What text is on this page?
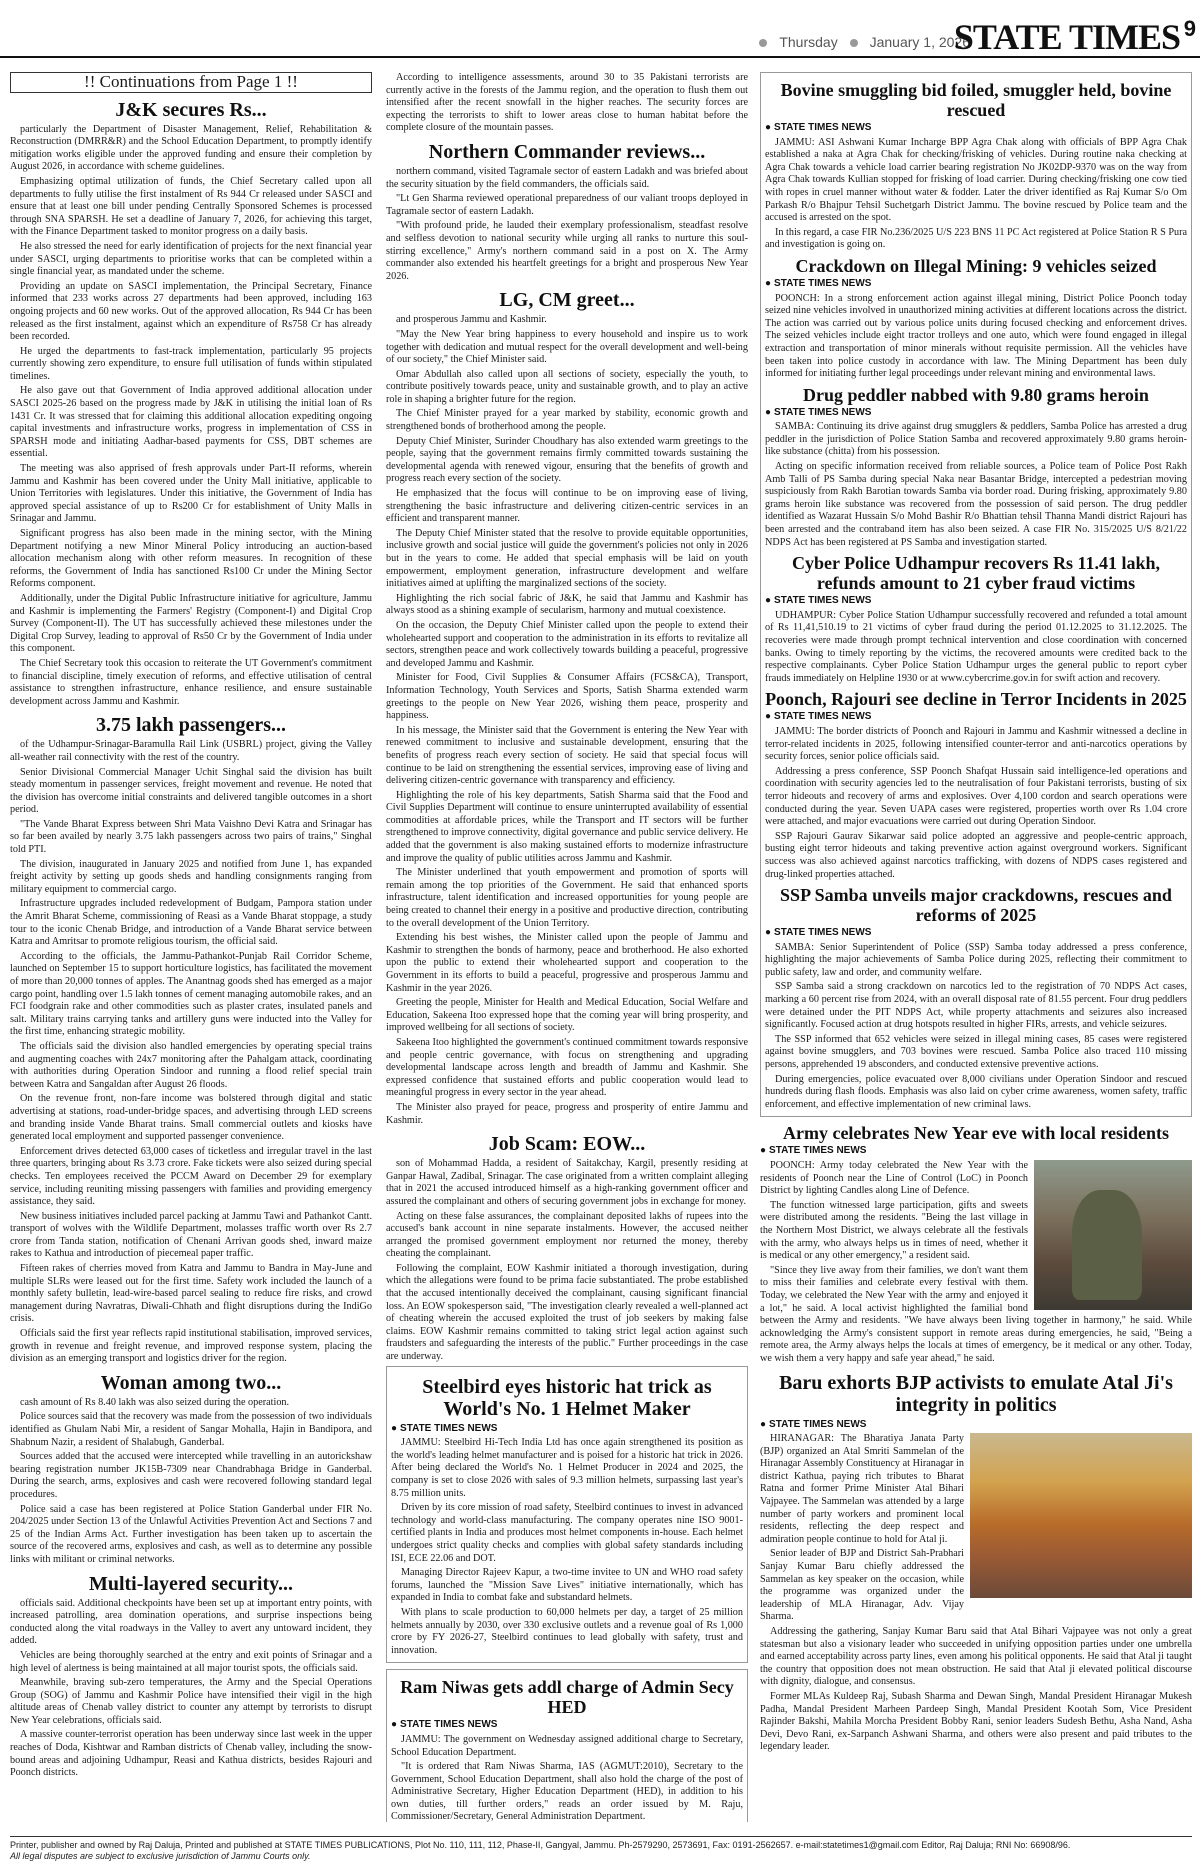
Thursday January 1, 2026
STATE TIMES 9
!! Continuations from Page 1 !!
J&K secures Rs...

particularly the Department of Disaster Management, Relief, Rehabilitation & Reconstruction (DMRR&R) and the School Education Department, to promptly identify mitigation works eligible under the approved funding and ensure their completion by August 2026, in accordance with scheme guidelines.

Emphasizing optimal utilization of funds, the Chief Secretary called upon all departments to fully utilise the first instalment of Rs 944 Cr released under SASCI and ensure that at least one bill under pending Centrally Sponsored Schemes is processed through SNA SPARSH. He set a deadline of January 7, 2026, for achieving this target, with the Finance Department tasked to monitor progress on a daily basis.

He also stressed the need for early identification of projects for the next financial year under SASCI, urging departments to prioritise works that can be completed within a single financial year, as mandated under the scheme.

Providing an update on SASCI implementation, the Principal Secretary, Finance informed that 233 works across 27 departments had been approved, including 163 ongoing projects and 60 new works. Out of the approved allocation, Rs 944 Cr has been released as the first instalment, against which an expenditure of Rs758 Cr has already been recorded.

He urged the departments to fast-track implementation, particularly 95 projects currently showing zero expenditure, to ensure full utilisation of funds within stipulated timelines.

He also gave out that Government of India approved additional allocation under SASCI 2025-26 based on the progress made by J&K in utilising the initial loan of Rs 1431 Cr. It was stressed that for claiming this additional allocation expediting ongoing capital investments and infrastructure works, progress in implementation of CSS in SPARSH mode and initiating Aadhar-based payments for CSS, DBT schemes are essential.

The meeting was also apprised of fresh approvals under Part-II reforms, wherein Jammu and Kashmir has been covered under the Unity Mall initiative, applicable to Union Territories with legislatures. Under this initiative, the Government of India has approved special assistance of up to Rs200 Cr for establishment of Unity Malls in Srinagar and Jammu.

Significant progress has also been made in the mining sector, with the Mining Department notifying a new Minor Mineral Policy introducing an auction-based allocation mechanism along with other reform measures. In recognition of these reforms, the Government of India has sanctioned Rs100 Cr under the Mining Sector Reforms component.

Additionally, under the Digital Public Infrastructure initiative for agriculture, Jammu and Kashmir is implementing the Farmers' Registry (Component-I) and Digital Crop Survey (Component-II). The UT has successfully achieved these milestones under the Digital Crop Survey, leading to approval of Rs50 Cr by the Government of India under this component.

The Chief Secretary took this occasion to reiterate the UT Government's commitment to financial discipline, timely execution of reforms, and effective utilisation of central assistance to strengthen infrastructure, enhance resilience, and ensure sustainable development across Jammu and Kashmir.

3.75 lakh passengers...

of the Udhampur-Srinagar-Baramulla Rail Link (USBRL) project, giving the Valley all-weather rail connectivity with the rest of the country.

Senior Divisional Commercial Manager Uchit Singhal said the division has built steady momentum in passenger services, freight movement and revenue. He noted that the division has overcome initial constraints and delivered tangible outcomes in a short period.

"The Vande Bharat Express between Shri Mata Vaishno Devi Katra and Srinagar has so far been availed by nearly 3.75 lakh passengers across two pairs of trains," Singhal told PTI.

The division, inaugurated in January 2025 and notified from June 1, has expanded freight activity by setting up goods sheds and handling consignments ranging from military equipment to commercial cargo.

Infrastructure upgrades included redevelopment of Budgam, Pampora station under the Amrit Bharat Scheme, commissioning of Reasi as a Vande Bharat stoppage, a study tour to the iconic Chenab Bridge, and introduction of a Vande Bharat service between Katra and Amritsar to promote religious tourism, the official said.

According to the officials, the Jammu-Pathankot-Punjab Rail Corridor Scheme, launched on September 15 to support horticulture logistics, has facilitated the movement of more than 20,000 tonnes of apples. The Anantnag goods shed has emerged as a major cargo point, handling over 1.5 lakh tonnes of cement managing automobile rakes, and an FCI foodgrain rake and other commodities such as plaster crates, insulated panels and salt. Military trains carrying tanks and artillery guns were inducted into the Valley for the first time, enhancing strategic mobility.

The officials said the division also handled emergencies by operating special trains and augmenting coaches with 24x7 monitoring after the Pahalgam attack, coordinating with authorities during Operation Sindoor and running a flood relief special train between Katra and Sangaldan after August 26 floods.

On the revenue front, non-fare income was bolstered through digital and static advertising at stations, road-under-bridge spaces, and advertising through LED screens and branding inside Vande Bharat trains. Small commercial outlets and kiosks have generated local employment and supported passenger convenience.

Enforcement drives detected 63,000 cases of ticketless and irregular travel in the last three quarters, bringing about Rs 3.73 crore. Fake tickets were also seized during special checks. Ten employees received the PCCM Award on December 29 for exemplary service, including reuniting missing passengers with families and providing emergency assistance, they said.

New business initiatives included parcel packing at Jammu Tawi and Pathankot Cantt. transport of wolves with the Wildlife Department, molasses traffic worth over Rs 2.7 crore from Tanda station, notification of Chenani Arrivan goods shed, inward maize rakes to Kathua and introduction of piecemeal paper traffic.

Fifteen rakes of cherries moved from Katra and Jammu to Bandra in May-June and multiple SLRs were leased out for the first time. Safety work included the launch of a monthly safety bulletin, lead-wire-based parcel sealing to reduce fire risks, and crowd management during Navratras, Diwali-Chhath and flight disruptions during the IndiGo crisis.

Officials said the first year reflects rapid institutional stabilisation, improved services, growth in revenue and freight revenue, and improved response system, placing the division as an emerging transport and logistics driver for the region.

Woman among two...

cash amount of Rs 8.40 lakh was also seized during the operation.

Police sources said that the recovery was made from the possession of two individuals identified as Ghulam Nabi Mir, a resident of Sangar Mohalla, Hajin in Bandipora, and Shabnum Nazir, a resident of Shalabugh, Ganderbal.

Sources added that the accused were intercepted while travelling in an autorickshaw bearing registration number JK15B-7309 near Chandrabhaga Bridge in Ganderbal. During the search, arms, explosives and cash were recovered following standard legal procedures.

Police said a case has been registered at Police Station Ganderbal under FIR No. 204/2025 under Section 13 of the Unlawful Activities Prevention Act and Sections 7 and 25 of the Indian Arms Act. Further investigation has been taken up to ascertain the source of the recovered arms, explosives and cash, as well as to determine any possible links with militant or criminal networks.

Multi-layered security...

officials said. Additional checkpoints have been set up at important entry points, with increased patrolling, area domination operations, and surprise inspections being conducted along the vital roadways in the Valley to avert any untoward incident, they added.

Vehicles are being thoroughly searched at the entry and exit points of Srinagar and a high level of alertness is being maintained at all major tourist spots, the officials said.

Meanwhile, braving sub-zero temperatures, the Army and the Special Operations Group (SOG) of Jammu and Kashmir Police have intensified their vigil in the high altitude areas of Chenab valley district to counter any attempt by terrorists to disrupt New Year celebrations, officials said.

A massive counter-terrorist operation has been underway since last week in the upper reaches of Doda, Kishtwar and Ramban districts of Chenab valley, including the snow-bound areas and adjoining Udhampur, Reasi and Kathua districts, besides Rajouri and Poonch districts.

According to intelligence assessments, around 30 to 35 Pakistani terrorists are currently active in the forests of the Jammu region, and the operation to flush them out intensified after the recent snowfall in the higher reaches. The security forces are expecting the terrorists to shift to lower areas close to human habitat before the complete closure of the mountain passes.

Northern Commander reviews...

northern command, visited Tagramale sector of eastern Ladakh and was briefed about the security situation by the field commanders, the officials said.

"Lt Gen Sharma reviewed operational preparedness of our valiant troops deployed in Tagramale sector of eastern Ladakh.

"With profound pride, he lauded their exemplary professionalism, steadfast resolve and selfless devotion to national security while urging all ranks to nurture this soul-stirring excellence," Army's northern command said in a post on X. The Army commander also extended his heartfelt greetings for a bright and prosperous New Year 2026.

LG, CM greet...

and prosperous Jammu and Kashmir.

"May the New Year bring happiness to every household and inspire us to work together with dedication and mutual respect for the overall development and well-being of our society," the Chief Minister said.

Omar Abdullah also called upon all sections of society, especially the youth, to contribute positively towards peace, unity and sustainable growth, and to play an active role in shaping a brighter future for the region.

The Chief Minister prayed for a year marked by stability, economic growth and strengthened bonds of brotherhood among the people.

Deputy Chief Minister, Surinder Choudhary has also extended warm greetings to the people, saying that the government remains firmly committed towards sustaining the developmental agenda with renewed vigour, ensuring that the benefits of growth and progress reach every section of the society.

He emphasized that the focus will continue to be on improving ease of living, strengthening the basic infrastructure and delivering citizen-centric services in an efficient and transparent manner.

The Deputy Chief Minister stated that the resolve to provide equitable opportunities, inclusive growth and social justice will guide the government's policies not only in 2026 but in the years to come. He added that special emphasis will be laid on youth empowerment, employment generation, infrastructure development and welfare initiatives aimed at uplifting the marginalized sections of the society.

Highlighting the rich social fabric of J&K, he said that Jammu and Kashmir has always stood as a shining example of secularism, harmony and mutual coexistence.

On the occasion, the Deputy Chief Minister called upon the people to extend their wholehearted support and cooperation to the administration in its efforts to revitalize all sectors, strengthen peace and work collectively towards building a peaceful, progressive and developed Jammu and Kashmir.

Minister for Food, Civil Supplies & Consumer Affairs (FCS&CA), Transport, Information Technology, Youth Services and Sports, Satish Sharma extended warm greetings to the people on New Year 2026, wishing them peace, prosperity and happiness.

In his message, the Minister said that the Government is entering the New Year with renewed commitment to inclusive and sustainable development, ensuring that the benefits of progress reach every section of society. He said that special focus will continue to be laid on strengthening the essential services, improving ease of living and delivering citizen-centric governance with transparency and efficiency.

Highlighting the role of his key departments, Satish Sharma said that the Food and Civil Supplies Department will continue to ensure uninterrupted availability of essential commodities at affordable prices, while the Transport and IT sectors will be further strengthened to improve connectivity, digital governance and public service delivery. He added that the government is also making sustained efforts to modernize infrastructure and improve the quality of public utilities across Jammu and Kashmir.

The Minister underlined that youth empowerment and promotion of sports will remain among the top priorities of the Government. He said that enhanced sports infrastructure, talent identification and increased opportunities for young people are being created to channel their energy in a positive and productive direction, contributing to the overall development of the Union Territory.

Extending his best wishes, the Minister called upon the people of Jammu and Kashmir to strengthen the bonds of harmony, peace and brotherhood. He also exhorted upon the public to extend their wholehearted support and cooperation to the Government in its efforts to build a peaceful, progressive and prosperous Jammu and Kashmir in the year 2026.

Greeting the people, Minister for Health and Medical Education, Social Welfare and Education, Sakeena Itoo expressed hope that the coming year will bring prosperity, and improved wellbeing for all sections of society.

Sakeena Itoo highlighted the government's continued commitment towards responsive and people centric governance, with focus on strengthening and upgrading developmental landscape across length and breadth of Jammu and Kashmir. She expressed confidence that sustained efforts and public cooperation would lead to meaningful progress in every sector in the year ahead.

The Minister also prayed for peace, progress and prosperity of entire Jammu and Kashmir.

Job Scam: EOW...

son of Mohammad Hadda, a resident of Saitakchay, Kargil, presently residing at Ganpar Hawal, Zadibal, Srinagar. The case originated from a written complaint alleging that in 2021 the accused introduced himself as a high-ranking government officer and assured the complainant and others of securing government jobs in exchange for money.

Acting on these false assurances, the complainant deposited lakhs of rupees into the accused's bank account in nine separate instalments. However, the accused neither arranged the promised government employment nor returned the money, thereby cheating the complainant.

Following the complaint, EOW Kashmir initiated a thorough investigation, during which the allegations were found to be prima facie substantiated. The probe established that the accused intentionally deceived the complainant, causing significant financial loss. An EOW spokesperson said, "The investigation clearly revealed a well-planned act of cheating wherein the accused exploited the trust of job seekers by making false claims. EOW Kashmir remains committed to taking strict legal action against such fraudsters and safeguarding the interests of the public." Further proceedings in the case are underway.

Steelbird eyes historic hat trick as World's No. 1 Helmet Maker
● STATE TIMES NEWS

JAMMU: Steelbird Hi-Tech India Ltd has once again strengthened its position as the world's leading helmet manufacturer and is poised for a historic hat trick in 2026. After being declared the World's No. 1 Helmet Producer in 2024 and 2025, the company is set to close 2026 with sales of 9.3 million helmets, surpassing last year's 8.75 million units.

Driven by its core mission of road safety, Steelbird continues to invest in advanced technology and world-class manufacturing. The company operates nine ISO 9001-certified plants in India and produces most helmet components in-house. Each helmet undergoes strict quality checks and complies with global safety standards including ISI, ECE 22.06 and DOT.

Managing Director Rajeev Kapur, a two-time invitee to UN and WHO road safety forums, launched the "Mission Save Lives" initiative internationally, which has expanded in India to combat fake and substandard helmets.

With plans to scale production to 60,000 helmets per day, a target of 25 million helmets annually by 2030, over 330 exclusive outlets and a revenue goal of Rs 1,000 crore by FY 2026-27, Steelbird continues to lead globally with safety, trust and innovation.

Ram Niwas gets addl charge of Admin Secy HED
● STATE TIMES NEWS

JAMMU: The government on Wednesday assigned additional charge to Secretary, School Education Department.

"It is ordered that Ram Niwas Sharma, IAS (AGMUT:2010), Secretary to the Government, School Education Department, shall also hold the charge of the post of Administrative Secretary, Higher Education Department (HED), in addition to his own duties, till further orders," reads an order issued by M. Raju, Commissioner/Secretary, General Administration Department.

Bovine smuggling bid foiled, smuggler held, bovine rescued
● STATE TIMES NEWS

JAMMU: ASI Ashwani Kumar Incharge BPP Agra Chak along with officials of BPP Agra Chak established a naka at Agra Chak for checking/frisking of vehicles. During routine naka checking at Agra Chak towards a vehicle load carrier bearing registration No JK02DP-9370 was on the way from Agra Chak towards Kullian stopped for frisking of load carrier. During checking/frisking one cow tied with ropes in cruel manner without water & fodder. Later the driver identified as Raj Kumar S/o Om Parkash R/o Bhajpur Tehsil Suchetgarh District Jammu. The bovine rescued by Police team and the accused is arrested on the spot.

In this regard, a case FIR No.236/2025 U/S 223 BNS 11 PC Act registered at Police Station R S Pura and investigation is going on.

Crackdown on Illegal Mining: 9 vehicles seized
● STATE TIMES NEWS

POONCH: In a strong enforcement action against illegal mining, District Police Poonch today seized nine vehicles involved in unauthorized mining activities at different locations across the district. The action was carried out by various police units during focused checking and enforcement drives. The seized vehicles include eight tractor trolleys and one auto, which were found engaged in illegal extraction and transportation of minor minerals without requisite permission. All the vehicles have been taken into police custody in accordance with law. The Mining Department has been duly informed for initiating further legal proceedings under relevant mining and environmental laws.

Drug peddler nabbed with 9.80 grams heroin
● STATE TIMES NEWS

SAMBA: Continuing its drive against drug smugglers & peddlers, Samba Police has arrested a drug peddler in the jurisdiction of Police Station Samba and recovered approximately 9.80 grams heroin-like substance (chitta) from his possession.

Acting on specific information received from reliable sources, a Police team of Police Post Rakh Amb Talli of PS Samba during special Naka near Basantar Bridge, intercepted a pedestrian moving suspiciously from Rakh Barotian towards Samba via border road. During frisking, approximately 9.80 grams heroin like substance was recovered from the possession of said person. The drug peddler identified as Wazarat Hussain S/o Mohd Bashir R/o Bhattian tehsil Thanna Mandi district Rajouri has been arrested and the contraband item has also been seized. A case FIR No. 315/2025 U/S 8/21/22 NDPS Act has been registered at PS Samba and investigation started.

Cyber Police Udhampur recovers Rs 11.41 lakh, refunds amount to 21 cyber fraud victims
● STATE TIMES NEWS

UDHAMPUR: Cyber Police Station Udhampur successfully recovered and refunded a total amount of Rs 11,41,510.19 to 21 victims of cyber fraud during the period 01.12.2025 to 31.12.2025. The recoveries were made through prompt technical intervention and close coordination with concerned banks. Owing to timely reporting by the victims, the recovered amounts were credited back to the respective complainants. Cyber Police Station Udhampur urges the general public to report cyber frauds immediately on Helpline 1930 or at www.cybercrime.gov.in for swift action and recovery.

Poonch, Rajouri see decline in Terror Incidents in 2025
● STATE TIMES NEWS

JAMMU: The border districts of Poonch and Rajouri in Jammu and Kashmir witnessed a decline in terror-related incidents in 2025, following intensified counter-terror and anti-narcotics operations by security forces, senior police officials said.

Addressing a press conference, SSP Poonch Shafqat Hussain said intelligence-led operations and coordination with security agencies led to the neutralisation of four Pakistani terrorists, busting of six terror hideouts and recovery of arms and explosives. Over 4,100 cordon and search operations were conducted during the year. Seven UAPA cases were registered, properties worth over Rs 1.04 crore were attached, and major evacuations were carried out during Operation Sindoor.

SSP Rajouri Gaurav Sikarwar said police adopted an aggressive and people-centric approach, busting eight terror hideouts and taking preventive action against overground workers. Significant success was also achieved against narcotics trafficking, with dozens of NDPS cases registered and drug-linked properties attached.

SSP Samba unveils major crackdowns, rescues and reforms of 2025
● STATE TIMES NEWS

SAMBA: Senior Superintendent of Police (SSP) Samba today addressed a press conference, highlighting the major achievements of Samba Police during 2025, reflecting their commitment to public safety, law and order, and community welfare.

SSP Samba said a strong crackdown on narcotics led to the registration of 70 NDPS Act cases, marking a 60 percent rise from 2024, with an overall disposal rate of 81.55 percent. Four drug peddlers were detained under the PIT NDPS Act, while property attachments and seizures also increased significantly. Focused action at drug hotspots resulted in higher FIRs, arrests, and vehicle seizures.

The SSP informed that 652 vehicles were seized in illegal mining cases, 85 cases were registered against bovine smugglers, and 703 bovines were rescued. Samba Police also traced 110 missing persons, apprehended 19 absconders, and conducted extensive preventive actions.

During emergencies, police evacuated over 8,000 civilians under Operation Sindoor and rescued hundreds during flash floods. Emphasis was also laid on cyber crime awareness, women safety, traffic enforcement, and effective implementation of new criminal laws.

Army celebrates New Year eve with local residents
● STATE TIMES NEWS

POONCH: Army today celebrated the New Year with the residents of Poonch near the Line of Control (LoC) in Poonch District by lighting Candles along Line of Defence.

The function witnessed large participation, gifts and sweets were distributed among the residents. "Being the last village in the Northern Most District, we always celebrate all the festivals with the army, who always helps us in times of need, whether it is medical or any other emergency," a resident said.

"Since they live away from their families, we don't want them to miss their families and celebrate every festival with them. Today, we celebrated the New Year with the army and enjoyed it a lot," he said. A local activist highlighted the familial bond between the Army and residents. "We have always been living together in harmony," he said. While acknowledging the Army's consistent support in remote areas during emergencies, he said, "Being a remote area, the Army always helps the locals at times of emergency, be it medical or any other. Today, we wish them a very happy and safe year ahead," he said.

Baru exhorts BJP activists to emulate Atal Ji's integrity in politics
● STATE TIMES NEWS

HIRANAGAR: The Bharatiya Janata Party (BJP) organized an Atal Smriti Sammelan of the Hiranagar Assembly Constituency at Hiranagar in district Kathua, paying rich tributes to Bharat Ratna and former Prime Minister Atal Bihari Vajpayee. The Sammelan was attended by a large number of party workers and prominent local residents, reflecting the deep respect and admiration people continue to hold for Atal ji.

Senior leader of BJP and District Sah-Prabhari Sanjay Kumar Baru chiefly addressed the Sammelan as key speaker on the occasion, while the programme was organized under the leadership of MLA Hiranagar, Adv. Vijay Sharma.

Addressing the gathering, Sanjay Kumar Baru said that Atal Bihari Vajpayee was not only a great statesman but also a visionary leader who succeeded in unifying opposition parties under one umbrella and earned acceptability across party lines, even among his political opponents. He said that Atal ji taught the country that opposition does not mean obstruction. He said that Atal ji elevated political discourse with dignity, dialogue, and consensus.

Former MLAs Kuldeep Raj, Subash Sharma and Dewan Singh, Mandal President Hiranagar Mukesh Padha, Mandal President Marheen Pardeep Singh, Mandal President Kootah Som, Vice President Rajinder Bakshi, Mahila Morcha President Bobby Rani, senior leaders Sudesh Bethu, Asha Nand, Asha Devi, Devo Rani, ex-Sarpanch Ashwani Sharma, and others were also present and paid tributes to the legendary leader.

Printer, publisher and owned by Raj Daluja, Printed and published at STATE TIMES PUBLICATIONS, Plot No. 110, 111, 112, Phase-II, Gangyal, Jammu. Ph-2579290, 2573691, Fax: 0191-2562657. e-mail:statetimes1@gmail.com Editor, Raj Daluja; RNI No: 66908/96.
All legal disputes are subject to exclusive jurisdiction of Jammu Courts only.
